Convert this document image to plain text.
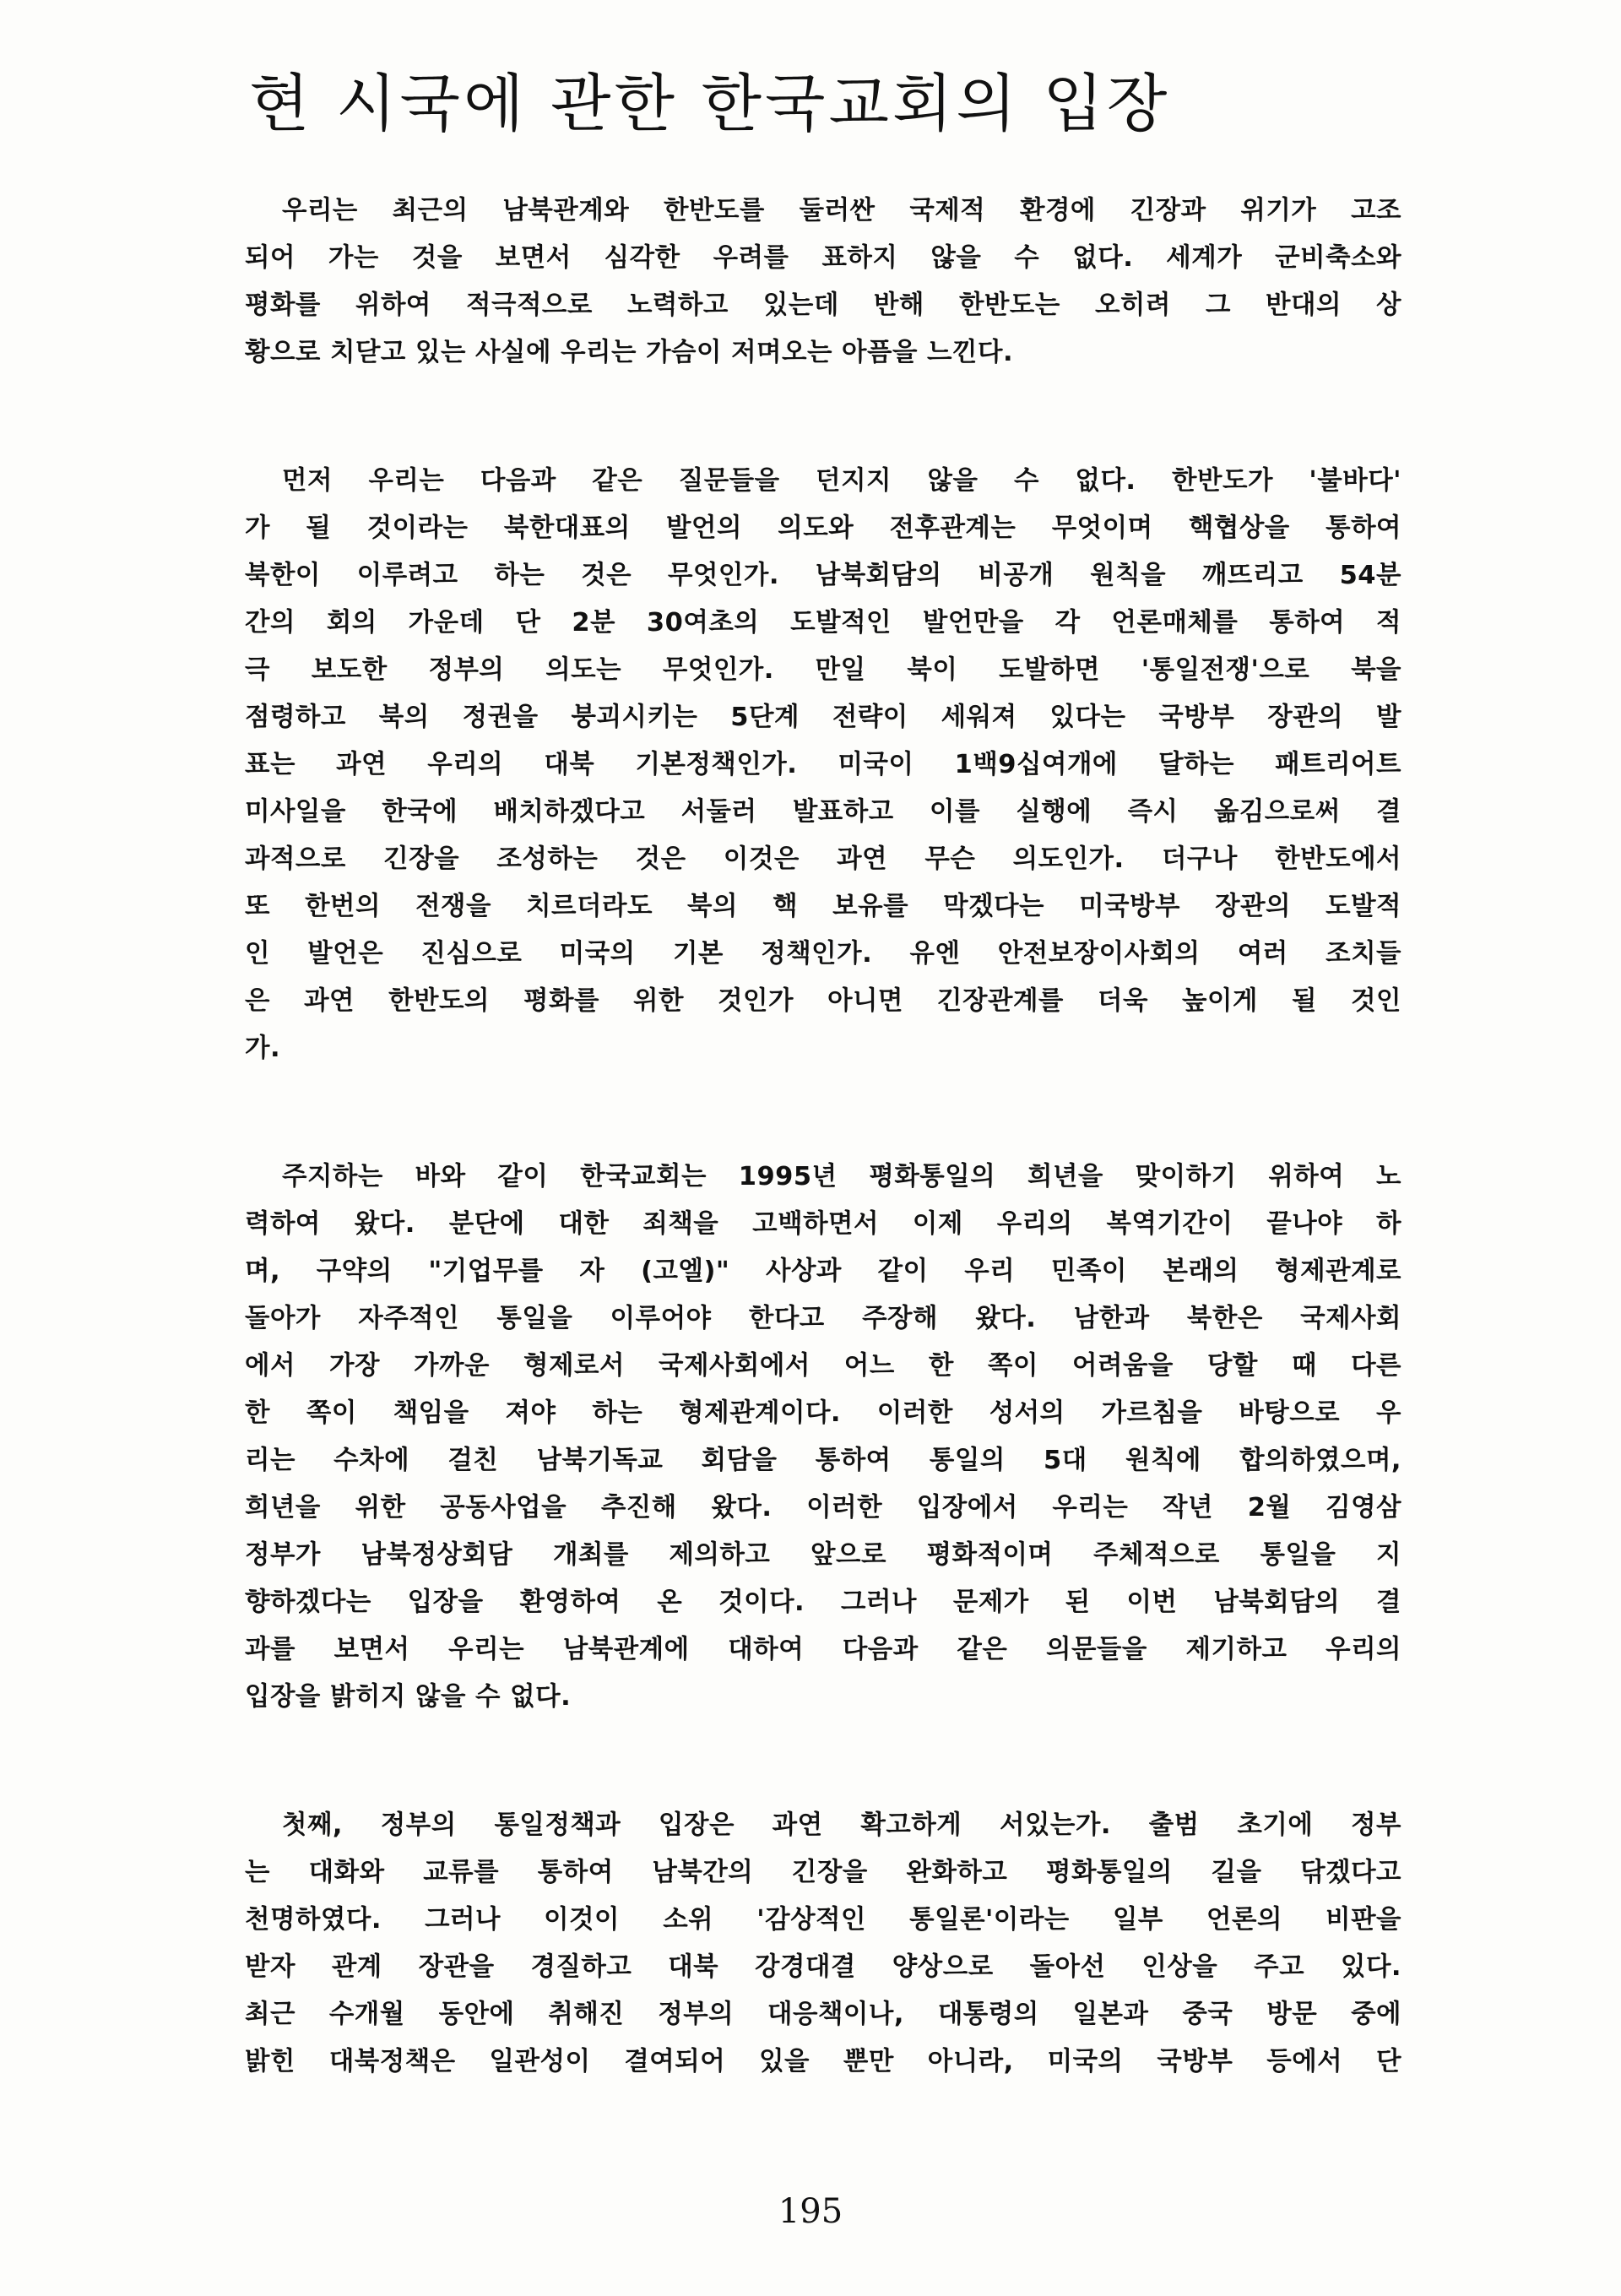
현 시국에 관한 한국교회의 입장
우리는 최근의 남북관계와 한반도를 둘러싼 국제적 환경에 긴장과 위기가 고조
되어 가는 것을 보면서 심각한 우려를 표하지 않을 수 없다. 세계가 군비축소와
평화를 위하여 적극적으로 노력하고 있는데 반해 한반도는 오히려 그 반대의 상
황으로 치닫고 있는 사실에 우리는 가슴이 저며오는 아픔을 느낀다.
먼저 우리는 다음과 같은 질문들을 던지지 않을 수 없다. 한반도가 '불바다'
가 될 것이라는 북한대표의 발언의 의도와 전후관계는 무엇이며 핵협상을 통하여
북한이 이루려고 하는 것은 무엇인가. 남북회담의 비공개 원칙을 깨뜨리고 54분
간의 회의 가운데 단 2분 30여초의 도발적인 발언만을 각 언론매체를 통하여 적
극 보도한 정부의 의도는 무엇인가. 만일 북이 도발하면 '통일전쟁'으로 북을
점령하고 북의 정권을 붕괴시키는 5단계 전략이 세워져 있다는 국방부 장관의 발
표는 과연 우리의 대북 기본정책인가. 미국이 1백9십여개에 달하는 패트리어트
미사일을 한국에 배치하겠다고 서둘러 발표하고 이를 실행에 즉시 옮김으로써 결
과적으로 긴장을 조성하는 것은 이것은 과연 무슨 의도인가. 더구나 한반도에서
또 한번의 전쟁을 치르더라도 북의 핵 보유를 막겠다는 미국방부 장관의 도발적
인 발언은 진심으로 미국의 기본 정책인가. 유엔 안전보장이사회의 여러 조치들
은 과연 한반도의 평화를 위한 것인가 아니면 긴장관계를 더욱 높이게 될 것인
가.
주지하는 바와 같이 한국교회는 1995년 평화통일의 희년을 맞이하기 위하여 노
력하여 왔다. 분단에 대한 죄책을 고백하면서 이제 우리의 복역기간이 끝나야 하
며, 구약의 "기업무를 자 (고엘)" 사상과 같이 우리 민족이 본래의 형제관계로
돌아가 자주적인 통일을 이루어야 한다고 주장해 왔다. 남한과 북한은 국제사회
에서 가장 가까운 형제로서 국제사회에서 어느 한 쪽이 어려움을 당할 때 다른
한 쪽이 책임을 져야 하는 형제관계이다. 이러한 성서의 가르침을 바탕으로 우
리는 수차에 걸친 남북기독교 회담을 통하여 통일의 5대 원칙에 합의하였으며,
희년을 위한 공동사업을 추진해 왔다. 이러한 입장에서 우리는 작년 2월 김영삼
정부가 남북정상회담 개최를 제의하고 앞으로 평화적이며 주체적으로 통일을 지
향하겠다는 입장을 환영하여 온 것이다. 그러나 문제가 된 이번 남북회담의 결
과를 보면서 우리는 남북관계에 대하여 다음과 같은 의문들을 제기하고 우리의
입장을 밝히지 않을 수 없다.
첫째, 정부의 통일정책과 입장은 과연 확고하게 서있는가. 출범 초기에 정부
는 대화와 교류를 통하여 남북간의 긴장을 완화하고 평화통일의 길을 닦겠다고
천명하였다. 그러나 이것이 소위 '감상적인 통일론'이라는 일부 언론의 비판을
받자 관계 장관을 경질하고 대북 강경대결 양상으로 돌아선 인상을 주고 있다.
최근 수개월 동안에 취해진 정부의 대응책이나, 대통령의 일본과 중국 방문 중에
밝힌 대북정책은 일관성이 결여되어 있을 뿐만 아니라, 미국의 국방부 등에서 단
195
